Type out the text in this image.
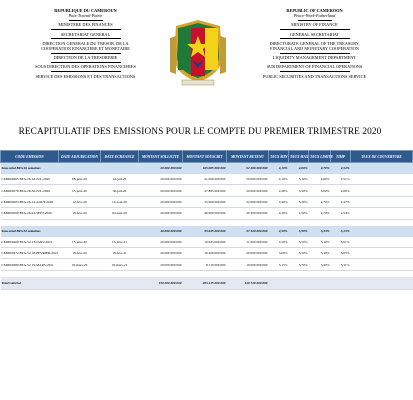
REPUBLIQUE DU CAMEROUN
Paix-Travail-Patrie
MINISTERE DES FINANCES
SECRETARIAT GENERAL
DIRECTION GENERALE DU TRESOR, DE LA
COOPERATION FINANCIERE ET MONETAIRE
DIRECTION DE LA TRESORERIE
SOUS DIRECTION DES OPERATIONS FINANCIERES
SERVICE DES EMISSIONS ET DES TRANSACTIONS
REPUBLIC OF CAMEROON
Peace-Work-Fatherland
MINISTRY OF FINANCE
GENERAL SECRETARIAT
DIRECTORATE GENERAL OF THE TREASURY,
FINANCIAL AND MONETARY COOPERATION
LIQUIDITY MANAGEMENT DEPARTMENT
SUB DEPARTMENT OF FINANCIAL OPERATIONS
PUBLIC SECURITIES AND TRANSACTIONS SERVICE
RECAPITULATIF DES EMISSIONS POUR LE COMPTE DU PREMIER TRIMESTRE 2020
CODE EMISSION	DATE ADJUDICATION	DATE ECHEANCE	MONTANT SOLLICITE	MONTANT SOUSCRIT	MONTANT RETENU	TAUX MIN	TAUX MAX	TAUX LIMITE	TIMP	TAUX DE COUVERTURE
Sous-total BTA 26 semaines			20 000 000 000	165 685 000 000	92 200 000 000	2,10%	4,00%	2,70%	2,54%	
CM0000465 BTA-26-16-JUL-2020	08-janv-20	16-juil-20	20 000 000 000	41 000 000 000	20 000 000 000	2,10%	3,10%	2,60%	2,51%	
CM0000578 BTA-26-30-JUL-2020	15-janv-20	30-juil-20	20 000 000 000	47 885 000 000	20 000 000 000	2,20%	3,50%	3,00%	2,69%	
CM0000583 BTA-26-14-AOUT-2020	12-fevr-20	14-aout-20	20 000 000 000	35 900 000 000	22 000 000 000	2,49%	3,20%	2,70%	2,47%	
CM0000590 BTA-26-04-SEPT-2020	19-fevr-20	04-sept-20	20 000 000 000	40 900 000 000	30 200 000 000	2,20%	2,50%	2,70%	2,54%	

Sous-total BTA 52 semaines			40 000 000 000	35 625 000 000	37 520 000 000	2,50%	3,50%	3,33%	3,13%	
CM0000460 BTA-52-13-JANV-2021	15-janv-20	13-janv-21	20 000 000 000	10 625 000 000	11 000 000 000	2,50%	3,50%	3,10%	3,01%	
CM0000472 BTA-52-18-FEVRIER-2021	18-fevr-20	18-fevr-21	20 000 000 000	16 400 000 000	20 000 000 000	3,00%	3,50%	3,10%	3,05%	
CM0000480 BTA-52-19-MARS-2021	19-mars-20	19-mars-21	20 000 000 000	8 110 000 000	10 000 000 000	3,15%	3,70%	3,40%	3,31%	

Total Général			150 000 000 000	203 215 000 000	129 720 000 000					
